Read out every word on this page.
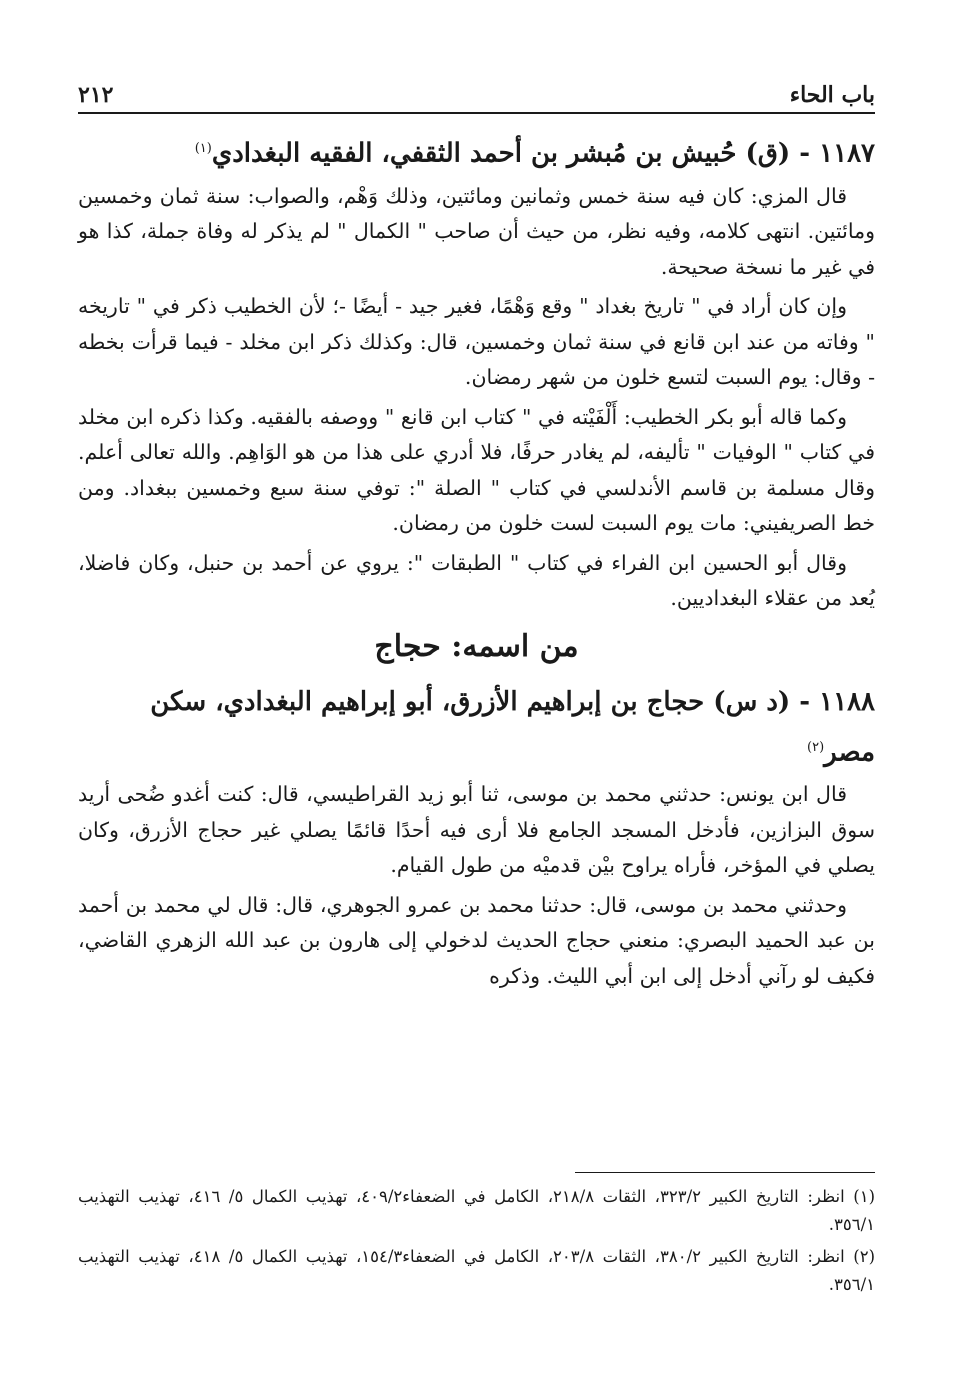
باب الحاء
٢١٢
١١٨٧ - (ق) حُبيش بن مُبشر بن أحمد الثقفي، الفقيه البغدادي$^{(١)}$

قال المزي: كان فيه سنة خمس وثمانين ومائتين، وذلك وَهْم، والصواب: سنة ثمان وخمسين ومائتين. انتهى كلامه، وفيه نظر، من حيث أن صاحب " الكمال " لم يذكر له وفاة جملة، كذا هو في غير ما نسخة صحيحة.

وإن كان أراد في " تاريخ بغداد " وقع وَهْمًا، فغير جيد - أيضًا -؛ لأن الخطيب ذكر في " تاريخه " وفاته من عند ابن قانع في سنة ثمان وخمسين، قال: وكذلك ذكر ابن مخلد - فيما قرأت بخطه - وقال: يوم السبت لتسع خلون من شهر رمضان.

وكما قاله أبو بكر الخطيب: أَلْفَيْته في " كتاب ابن قانع " ووصفه بالفقيه. وكذا ذكره ابن مخلد في كتاب " الوفيات " تأليفه، لم يغادر حرفًا، فلا أدري على هذا من هو الوَاهِم. والله تعالى أعلم. وقال مسلمة بن قاسم الأندلسي في كتاب " الصلة ": توفي سنة سبع وخمسين ببغداد. ومن خط الصريفيني: مات يوم السبت لست خلون من رمضان.

وقال أبو الحسين ابن الفراء في كتاب " الطبقات ": يروي عن أحمد بن حنبل، وكان فاضلا، يُعد من عقلاء البغداديين.

من اسمه: حجاج
١١٨٨ - (د س) حجاج بن إبراهيم الأزرق، أبو إبراهيم البغدادي، سكن مصر$^{(٢)}$

قال ابن يونس: حدثني محمد بن موسى، ثنا أبو زيد القراطيسي، قال: كنت أغدو ضُحى أريد سوق البزازين، فأدخل المسجد الجامع فلا أرى فيه أحدًا قائمًا يصلي غير حجاج الأزرق، وكان يصلي في المؤخر، فأراه يراوح بيْن قدميْه من طول القيام.

وحدثني محمد بن موسى، قال: حدثنا محمد بن عمرو الجوهري، قال: قال لي محمد بن أحمد بن عبد الحميد البصري: منعني حجاج الحديث لدخولي إلى هارون بن عبد الله الزهري القاضي، فكيف لو رآني أدخل إلى ابن أبي الليث. وذكره

(١) انظر: التاريخ الكبير ٣٢٣/٢، الثقات ٢١٨/٨، الكامل في الضعفاء٤٠٩/٢، تهذيب الكمال ٥/ ٤١٦، تهذيب التهذيب ٣٥٦/١.

(٢) انظر: التاريخ الكبير ٣٨٠/٢، الثقات ٢٠٣/٨، الكامل في الضعفاء١٥٤/٣، تهذيب الكمال ٥/ ٤١٨، تهذيب التهذيب ٣٥٦/١.
